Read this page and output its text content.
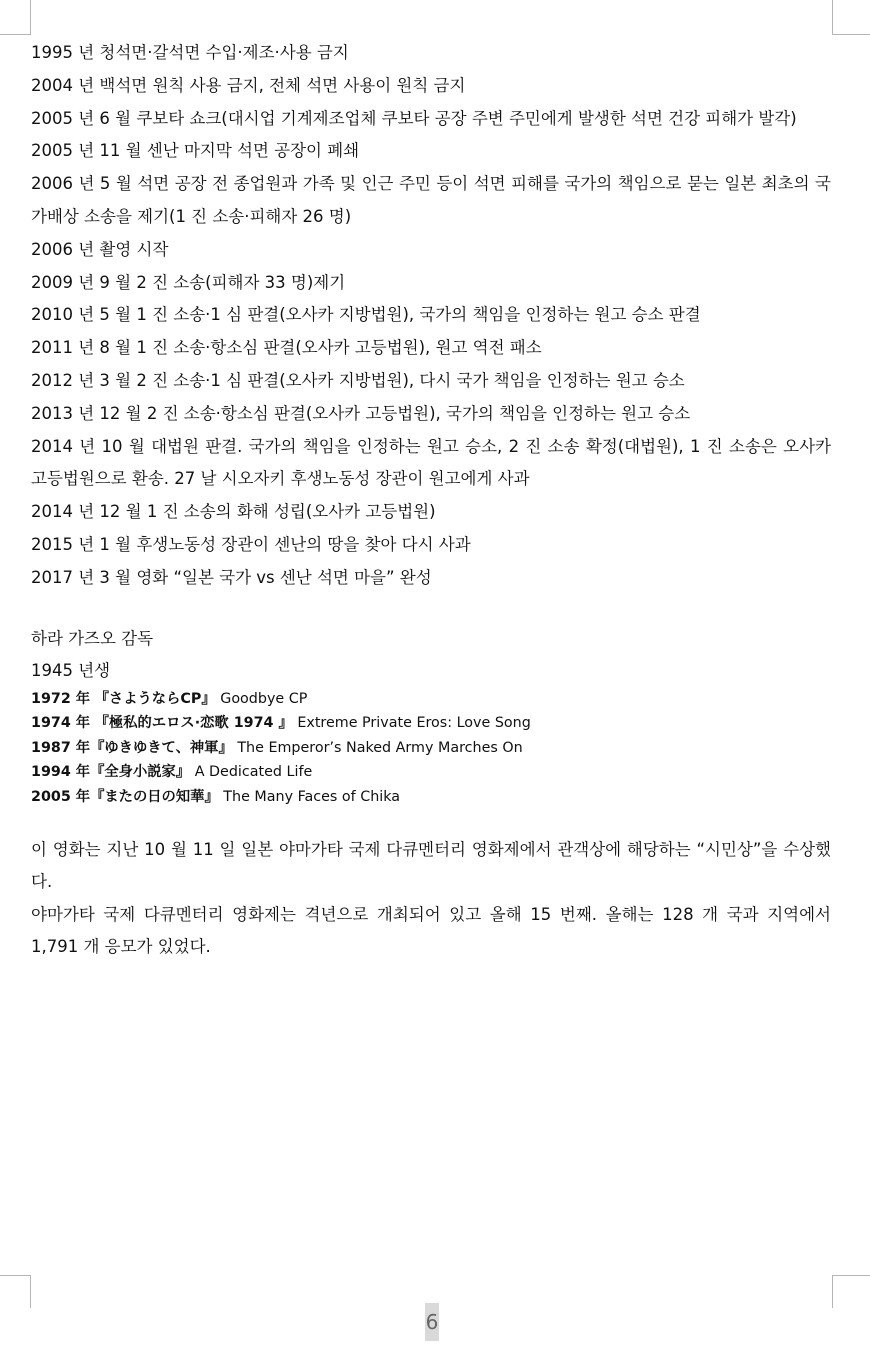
1995 년 청석면·갈석면 수입·제조·사용 금지

2004 년 백석면 원칙 사용 금지, 전체 석면 사용이 원칙 금지

2005 년 6 월 쿠보타 쇼크(대시업 기계제조업체 쿠보타 공장 주변 주민에게 발생한 석면 건강 피해가 발각)

2005 년 11 월 센난 마지막 석면 공장이 폐쇄

2006 년 5 월 석면 공장 전 종업원과 가족 및 인근 주민 등이 석면 피해를 국가의 책임으로 묻는 일본 최초의 국가배상 소송을 제기(1 진 소송·피해자 26 명)

2006 년 촬영 시작

2009 년 9 월 2 진 소송(피해자 33 명)제기

2010 년 5 월 1 진 소송·1 심 판결(오사카 지방법원), 국가의 책임을 인정하는 원고 승소 판결

2011 년 8 월 1 진 소송·항소심 판결(오사카 고등법원), 원고 역전 패소

2012 년 3 월 2 진 소송·1 심 판결(오사카 지방법원), 다시 국가 책임을 인정하는 원고 승소

2013 년 12 월 2 진 소송·항소심 판결(오사카 고등법원), 국가의 책임을 인정하는 원고 승소

2014 년 10 월 대법원 판결. 국가의 책임을 인정하는 원고 승소, 2 진 소송 확정(대법원), 1 진 소송은 오사카 고등법원으로 환송. 27 날 시오자키 후생노동성 장관이 원고에게 사과

2014 년 12 월 1 진 소송의 화해 성립(오사카 고등법원)

2015 년 1 월 후생노동성 장관이 센난의 땅을 찾아 다시 사과

2017 년 3 월 영화 “일본 국가 vs 센난 석면 마을” 완성

하라 가즈오 감독

1945 년생

1972 年 『さようならCP』 Goodbye CP

1974 年 『極私的エロス·恋歌 1974 』 Extreme Private Eros: Love Song

1987 年『ゆきゆきて、神軍』 The Emperor’s Naked Army Marches On

1994 年『全身小説家』 A Dedicated Life

2005 年『またの日の知華』 The Many Faces of Chika

이 영화는 지난 10 월 11 일 일본 야마가타 국제 다큐멘터리 영화제에서 관객상에 해당하는 “시민상”을 수상했다.

야마가타 국제 다큐멘터리 영화제는 격년으로 개최되어 있고 올해 15 번째. 올해는 128 개 국과 지역에서 1,791 개 응모가 있었다.

6
